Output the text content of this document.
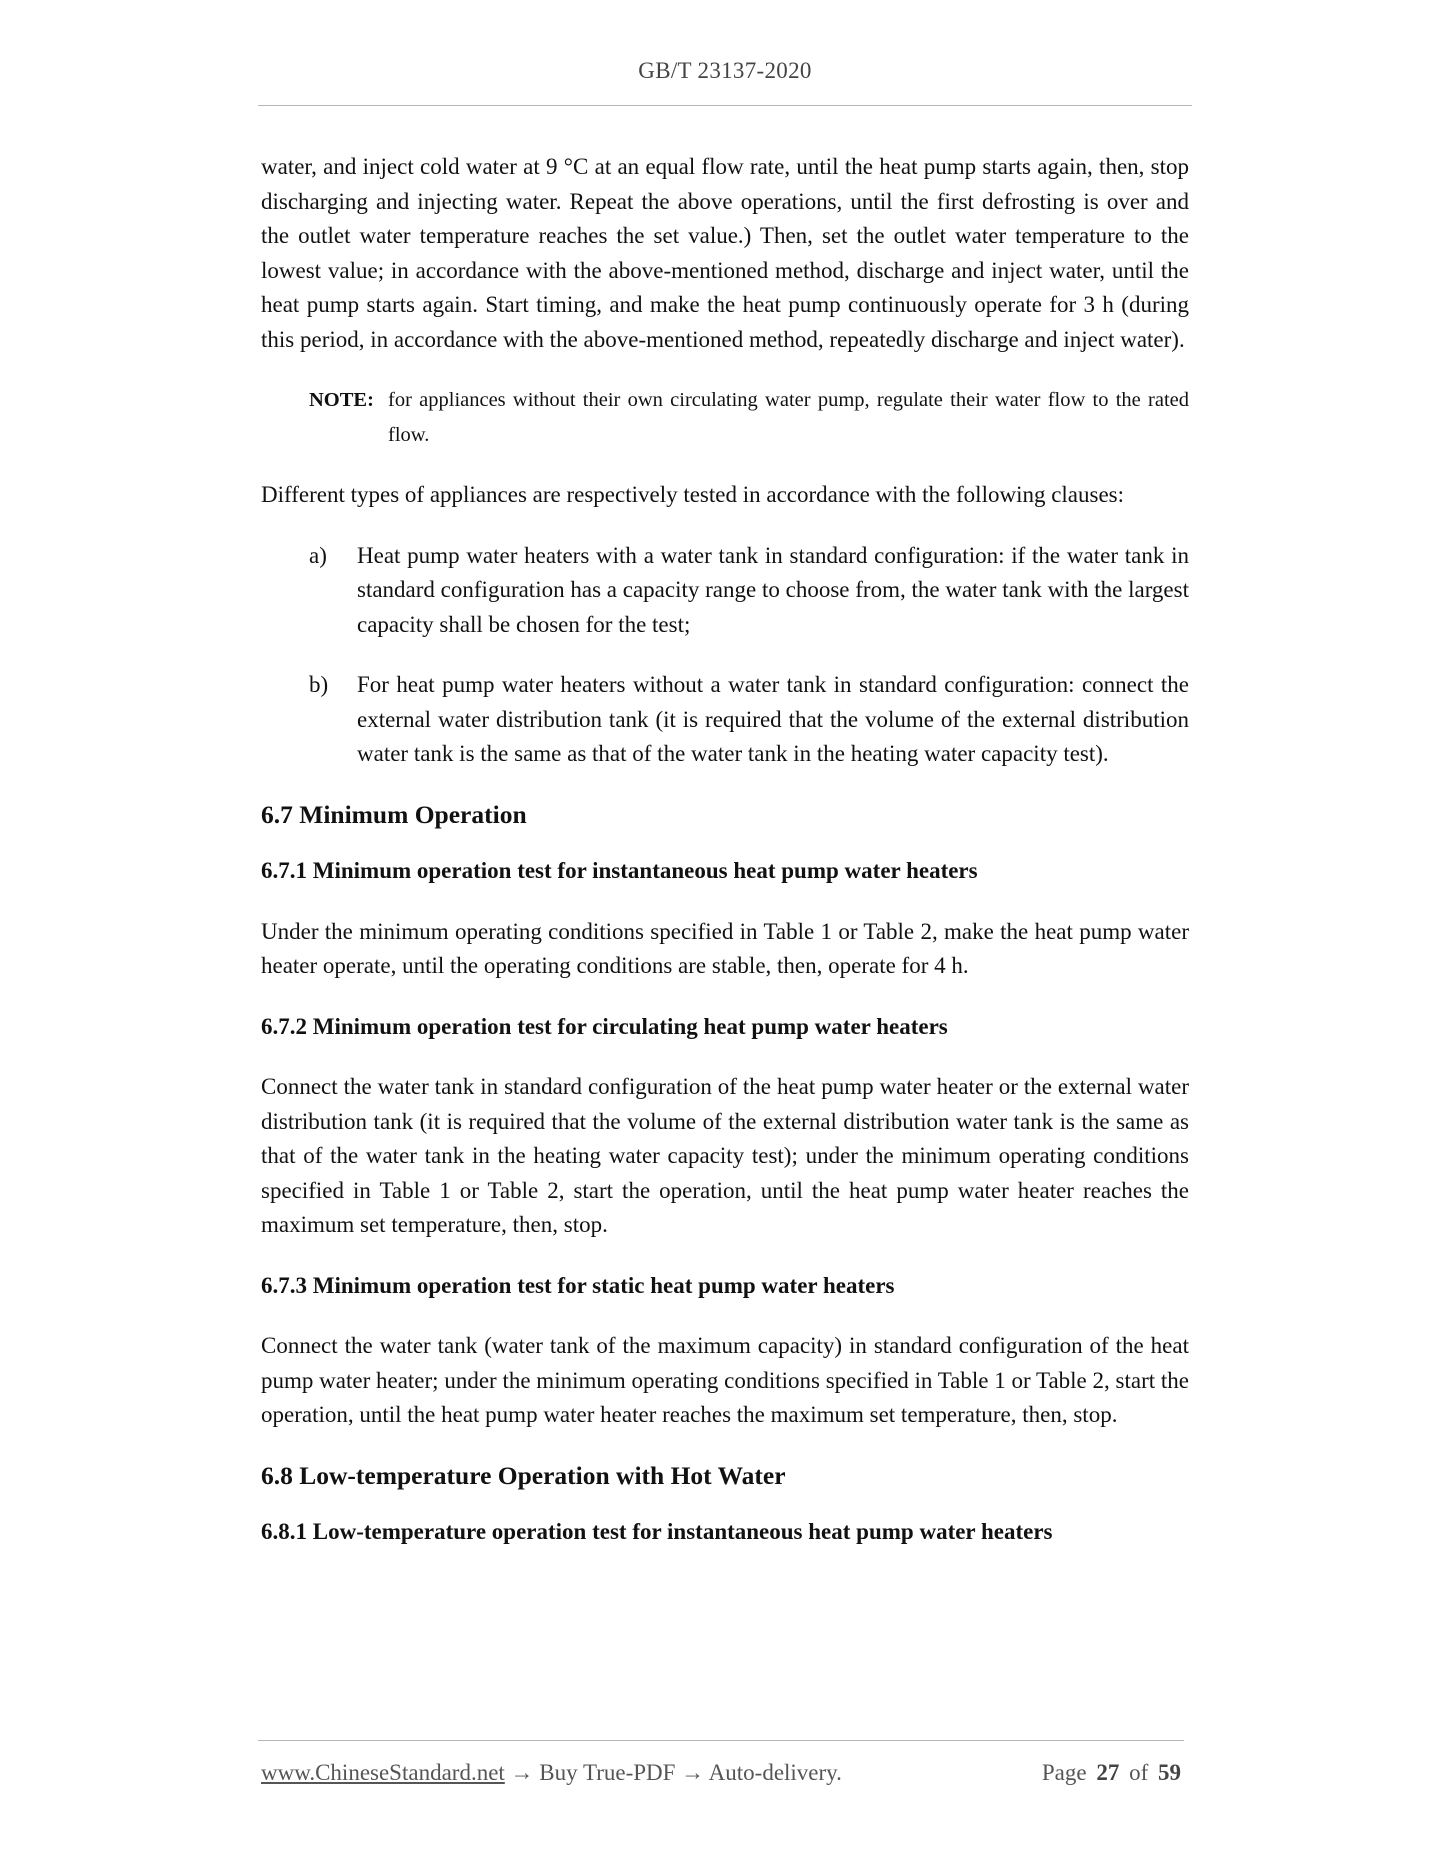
GB/T 23137-2020

water, and inject cold water at 9 °C at an equal flow rate, until the heat pump starts again, then, stop discharging and injecting water. Repeat the above operations, until the first defrosting is over and the outlet water temperature reaches the set value.) Then, set the outlet water temperature to the lowest value; in accordance with the above-mentioned method, discharge and inject water, until the heat pump starts again. Start timing, and make the heat pump continuously operate for 3 h (during this period, in accordance with the above-mentioned method, repeatedly discharge and inject water).

NOTE: for appliances without their own circulating water pump, regulate their water flow to the rated flow.

Different types of appliances are respectively tested in accordance with the following clauses:

a) Heat pump water heaters with a water tank in standard configuration: if the water tank in standard configuration has a capacity range to choose from, the water tank with the largest capacity shall be chosen for the test;
b) For heat pump water heaters without a water tank in standard configuration: connect the external water distribution tank (it is required that the volume of the external distribution water tank is the same as that of the water tank in the heating water capacity test).
6.7 Minimum Operation
6.7.1 Minimum operation test for instantaneous heat pump water heaters

Under the minimum operating conditions specified in Table 1 or Table 2, make the heat pump water heater operate, until the operating conditions are stable, then, operate for 4 h.

6.7.2 Minimum operation test for circulating heat pump water heaters

Connect the water tank in standard configuration of the heat pump water heater or the external water distribution tank (it is required that the volume of the external distribution water tank is the same as that of the water tank in the heating water capacity test); under the minimum operating conditions specified in Table 1 or Table 2, start the operation, until the heat pump water heater reaches the maximum set temperature, then, stop.

6.7.3 Minimum operation test for static heat pump water heaters

Connect the water tank (water tank of the maximum capacity) in standard configuration of the heat pump water heater; under the minimum operating conditions specified in Table 1 or Table 2, start the operation, until the heat pump water heater reaches the maximum set temperature, then, stop.

6.8 Low-temperature Operation with Hot Water
6.8.1 Low-temperature operation test for instantaneous heat pump water heaters
www.ChineseStandard.net → Buy True-PDF → Auto-delivery.	Page 27 of 59
